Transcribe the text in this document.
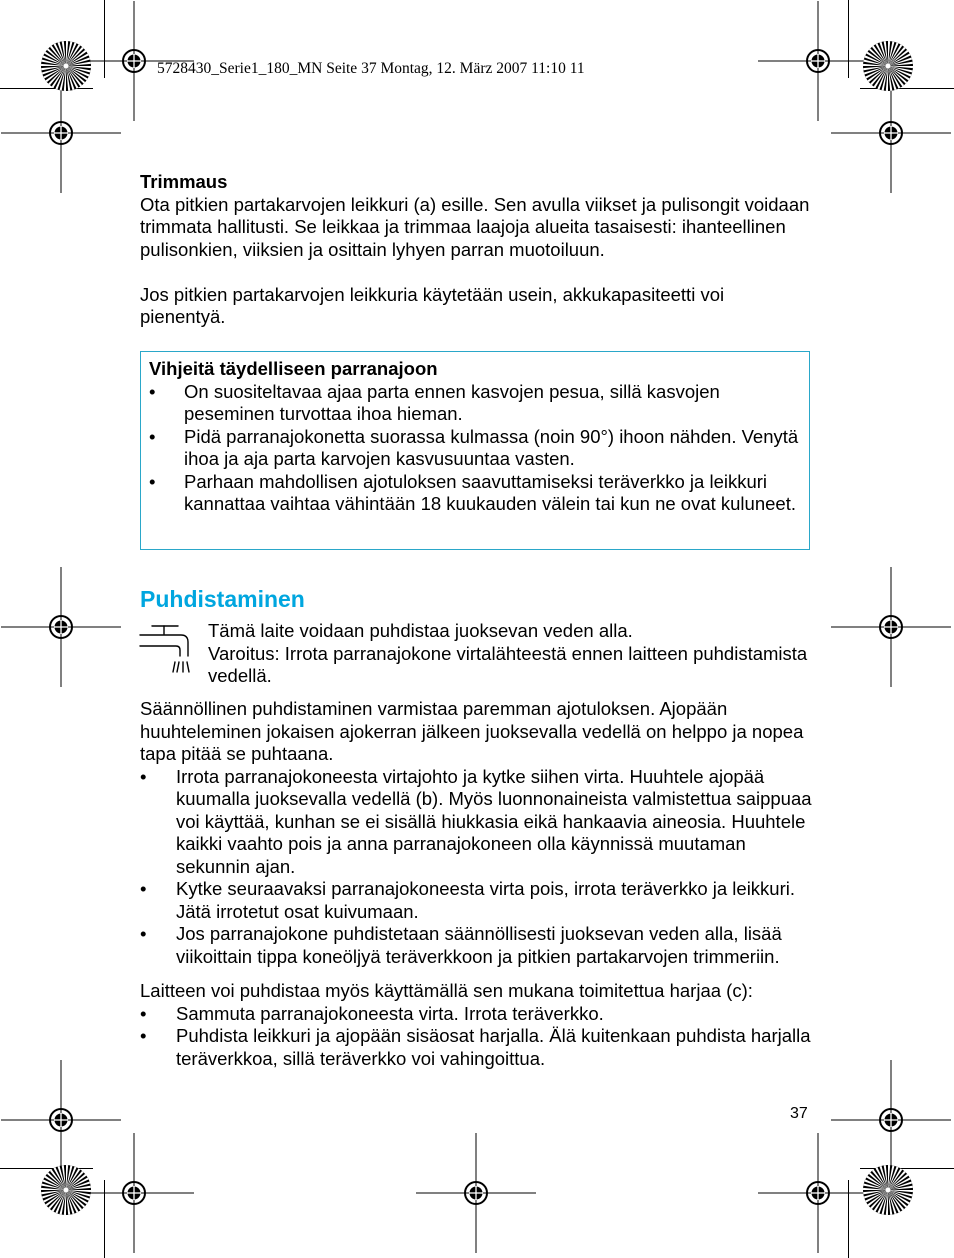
5728430_Serie1_180_MN Seite 37 Montag, 12. März 2007 11:10 11

Trimmaus

Ota pitkien partakarvojen leikkuri (a) esille. Sen avulla viikset ja pulisongit voidaan trimmata hallitusti. Se leikkaa ja trimmaa laajoja alueita tasaisesti: ihanteellinen pulisonkien, viiksien ja osittain lyhyen parran muotoiluun.

Jos pitkien partakarvojen leikkuria käytetään usein, akkukapasiteetti voi pienentyä.

Vihjeitä täydelliseen parranajoon

• On suositeltavaa ajaa parta ennen kasvojen pesua, sillä kasvojen peseminen turvottaa ihoa hieman.
• Pidä parranajokonetta suorassa kulmassa (noin 90°) ihoon nähden. Venytä ihoa ja aja parta karvojen kasvusuuntaa vasten.
• Parhaan mahdollisen ajotuloksen saavuttamiseksi teräverkko ja leikkuri kannattaa vaihtaa vähintään 18 kuukauden välein tai kun ne ovat kuluneet.
Puhdistaminen

Tämä laite voidaan puhdistaa juoksevan veden alla.

Varoitus: Irrota parranajokone virtalähteestä ennen laitteen puhdistamista vedellä.

Säännöllinen puhdistaminen varmistaa paremman ajotuloksen. Ajopään huuhteleminen jokaisen ajokerran jälkeen juoksevalla vedellä on helppo ja nopea tapa pitää se puhtaana.

• Irrota parranajokoneesta virtajohto ja kytke siihen virta. Huuhtele ajopää kuumalla juoksevalla vedellä (b). Myös luonnonaineista valmistettua saippuaa voi käyttää, kunhan se ei sisällä hiukkasia eikä hankaavia aineosia. Huuhtele kaikki vaahto pois ja anna parranajokoneen olla käynnissä muutaman sekunnin ajan.
• Kytke seuraavaksi parranajokoneesta virta pois, irrota teräverkko ja leikkuri. Jätä irrotetut osat kuivumaan.
• Jos parranajokone puhdistetaan säännöllisesti juoksevan veden alla, lisää viikoittain tippa koneöljyä teräverkkoon ja pitkien partakarvojen trimmeriin.

Laitteen voi puhdistaa myös käyttämällä sen mukana toimitettua harjaa (c):

• Sammuta parranajokoneesta virta. Irrota teräverkko.
• Puhdista leikkuri ja ajopään sisäosat harjalla. Älä kuitenkaan puhdista harjalla teräverkkoa, sillä teräverkko voi vahingoittua.
37
